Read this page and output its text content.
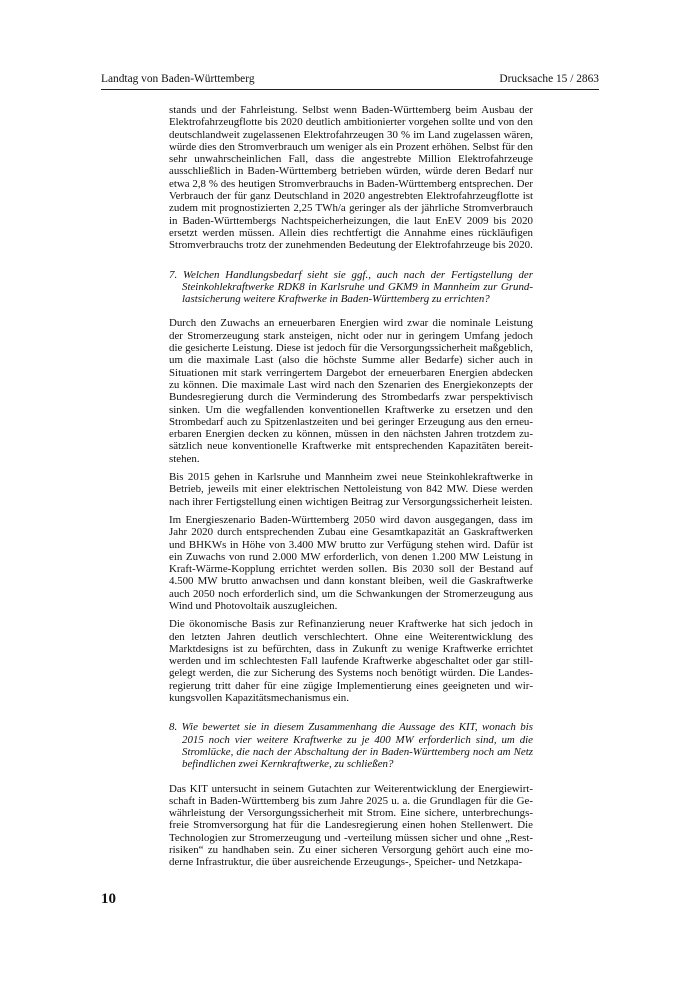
Landtag von Baden-Württemberg	Drucksache 15 / 2863

stands und der Fahrleistung. Selbst wenn Baden-Württemberg beim Ausbau der Elektrofahrzeugflotte bis 2020 deutlich ambitionierter vorgehen sollte und von den deutschlandweit zugelassenen Elektrofahrzeugen 30 % im Land zugelassen wären, würde dies den Stromverbrauch um weniger als ein Prozent erhöhen. Selbst für den sehr unwahrscheinlichen Fall, dass die angestrebte Million Elektrofahrzeuge ausschließlich in Baden-Württemberg betrieben würden, würde deren Bedarf nur etwa 2,8 % des heutigen Stromverbrauchs in Baden-Württemberg entsprechen. Der Verbrauch der für ganz Deutschland in 2020 angestrebten Elektrofahrzeugflotte ist zudem mit prognostizierten 2,25 TWh/a geringer als der jährliche Stromverbrauch in Baden-Württembergs Nachtspeicherheizungen, die laut EnEV 2009 bis 2020 ersetzt werden müssen. Allein dies rechtfertigt die Annahme eines rückläufigen Stromverbrauchs trotz der zunehmenden Bedeutung der Elektrofahrzeuge bis 2020.

7. Welchen Handlungsbedarf sieht sie ggf., auch nach der Fertigstellung der Steinkohlekraftwerke RDK8 in Karlsruhe und GKM9 in Mannheim zur Grundlastsicherung weitere Kraftwerke in Baden-Württemberg zu errichten?

Durch den Zuwachs an erneuerbaren Energien wird zwar die nominale Leistung der Stromerzeugung stark ansteigen, nicht oder nur in geringem Umfang jedoch die gesicherte Leistung. Diese ist jedoch für die Versorgungssicherheit maßgeblich, um die maximale Last (also die höchste Summe aller Bedarfe) sicher auch in Situationen mit stark verringertem Dargebot der erneuerbaren Energien abdecken zu können. Die maximale Last wird nach den Szenarien des Energiekonzepts der Bundesregierung durch die Verminderung des Strombedarfs zwar perspektivisch sinken. Um die wegfallenden konventionellen Kraftwerke zu ersetzen und den Strombedarf auch zu Spitzenlastzeiten und bei geringer Erzeugung aus den erneuerbaren Energien decken zu können, müssen in den nächsten Jahren trotzdem zusätzlich neue konventionelle Kraftwerke mit entsprechenden Kapazitäten bereitstehen.

Bis 2015 gehen in Karlsruhe und Mannheim zwei neue Steinkohlekraftwerke in Betrieb, jeweils mit einer elektrischen Nettoleistung von 842 MW. Diese werden nach ihrer Fertigstellung einen wichtigen Beitrag zur Versorgungssicherheit leisten.

Im Energieszenario Baden-Württemberg 2050 wird davon ausgegangen, dass im Jahr 2020 durch entsprechenden Zubau eine Gesamtkapazität an Gaskraftwerken und BHKWs in Höhe von 3.400 MW brutto zur Verfügung stehen wird. Dafür ist ein Zuwachs von rund 2.000 MW erforderlich, von denen 1.200 MW Leistung in Kraft-Wärme-Kopplung errichtet werden sollen. Bis 2030 soll der Bestand auf 4.500 MW brutto anwachsen und dann konstant bleiben, weil die Gaskraftwerke auch 2050 noch erforderlich sind, um die Schwankungen der Stromerzeugung aus Wind und Photovoltaik auszugleichen.

Die ökonomische Basis zur Refinanzierung neuer Kraftwerke hat sich jedoch in den letzten Jahren deutlich verschlechtert. Ohne eine Weiterentwicklung des Marktdesigns ist zu befürchten, dass in Zukunft zu wenige Kraftwerke errichtet werden und im schlechtesten Fall laufende Kraftwerke abgeschaltet oder gar stillgelegt werden, die zur Sicherung des Systems noch benötigt würden. Die Landesregierung tritt daher für eine zügige Implementierung eines geeigneten und wirkungsvollen Kapazitätsmechanismus ein.

8. Wie bewertet sie in diesem Zusammenhang die Aussage des KIT, wonach bis 2015 noch vier weitere Kraftwerke zu je 400 MW erforderlich sind, um die Stromlücke, die nach der Abschaltung der in Baden-Württemberg noch am Netz befindlichen zwei Kernkraftwerke, zu schließen?

Das KIT untersucht in seinem Gutachten zur Weiterentwicklung der Energiewirtschaft in Baden-Württemberg bis zum Jahre 2025 u. a. die Grundlagen für die Gewährleistung der Versorgungssicherheit mit Strom. Eine sichere, unterbrechungsfreie Stromversorgung hat für die Landesregierung einen hohen Stellenwert. Die Technologien zur Stromerzeugung und -verteilung müssen sicher und ohne „Restrisiken“ zu handhaben sein. Zu einer sicheren Versorgung gehört auch eine moderne Infrastruktur, die über ausreichende Erzeugungs-, Speicher- und Netzkapa-

10
